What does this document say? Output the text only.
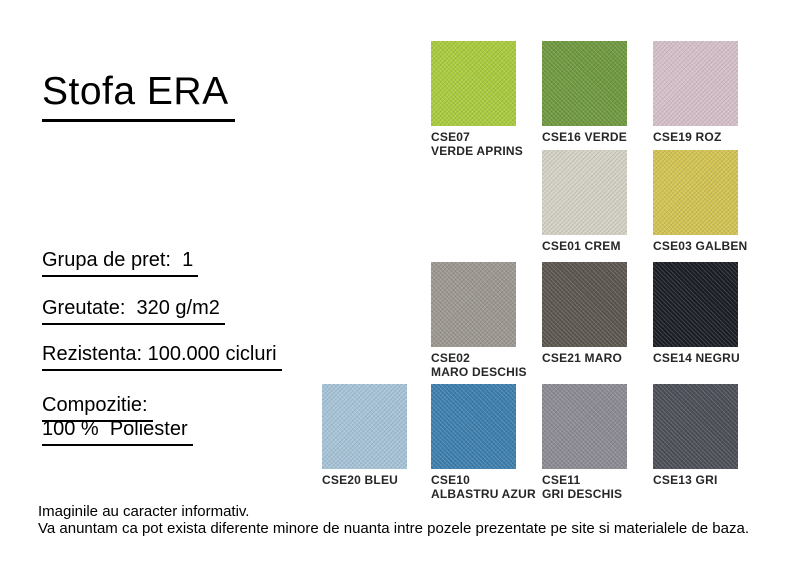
Stofa ERA
Grupa de pret:  1
Greutate:  320 g/m2
Rezistenta: 100.000 cicluri
Compozitie:
100 %  Poliester
CSE07
VERDE APRINS
CSE16 VERDE CSE19 ROZ
CSE01 CREM	CSE03 GALBEN
CSE02
MARO DESCHIS
CSE21 MARO	CSE14 NEGRU
CSE20 BLEU	CSE10
ALBASTRU AZUR
CSE11
GRI DESCHIS
CSE13 GRI
Imaginile au caracter informativ.
Va anuntam ca pot exista diferente minore de nuanta intre pozele prezentate pe site si materialele de baza.
